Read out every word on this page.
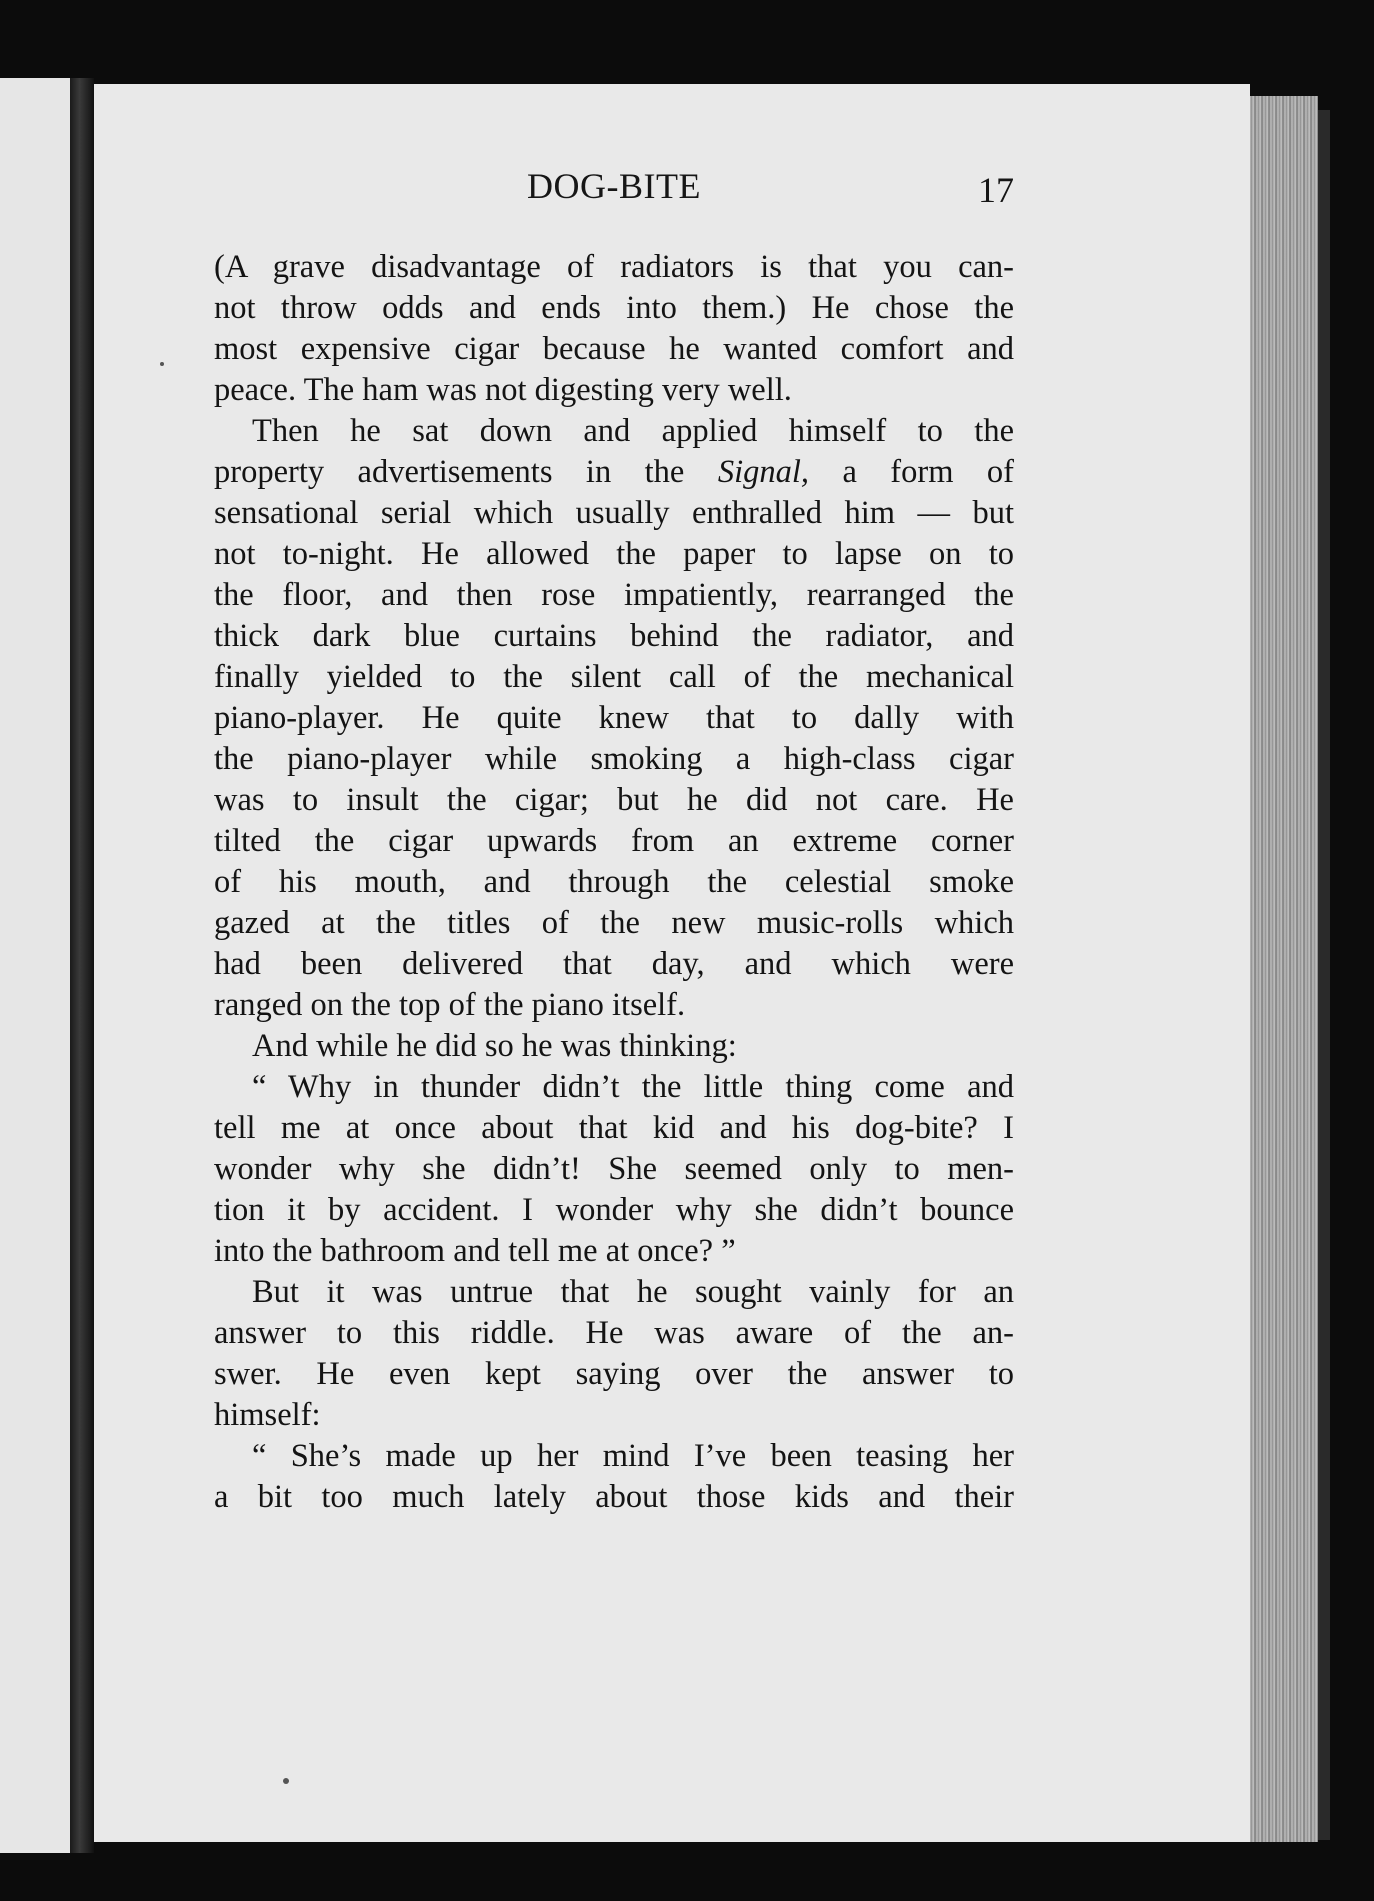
DOG-BITE	17
(A grave disadvantage of radiators is that you can-
not throw odds and ends into them.) He chose the
most expensive cigar because he wanted comfort and
peace. The ham was not digesting very well.
Then he sat down and applied himself to the
property advertisements in the Signal, a form of
sensational serial which usually enthralled him — but
not to-night. He allowed the paper to lapse on to
the floor, and then rose impatiently, rearranged the
thick dark blue curtains behind the radiator, and
finally yielded to the silent call of the mechanical
piano-player. He quite knew that to dally with
the piano-player while smoking a high-class cigar
was to insult the cigar; but he did not care. He
tilted the cigar upwards from an extreme corner
of his mouth, and through the celestial smoke
gazed at the titles of the new music-rolls which
had been delivered that day, and which were
ranged on the top of the piano itself.
And while he did so he was thinking:
“ Why in thunder didn’t the little thing come and
tell me at once about that kid and his dog-bite? I
wonder why she didn’t! She seemed only to men-
tion it by accident. I wonder why she didn’t bounce
into the bathroom and tell me at once? ”
But it was untrue that he sought vainly for an
answer to this riddle. He was aware of the an-
swer. He even kept saying over the answer to
himself:
“ She’s made up her mind I’ve been teasing her
a bit too much lately about those kids and their
